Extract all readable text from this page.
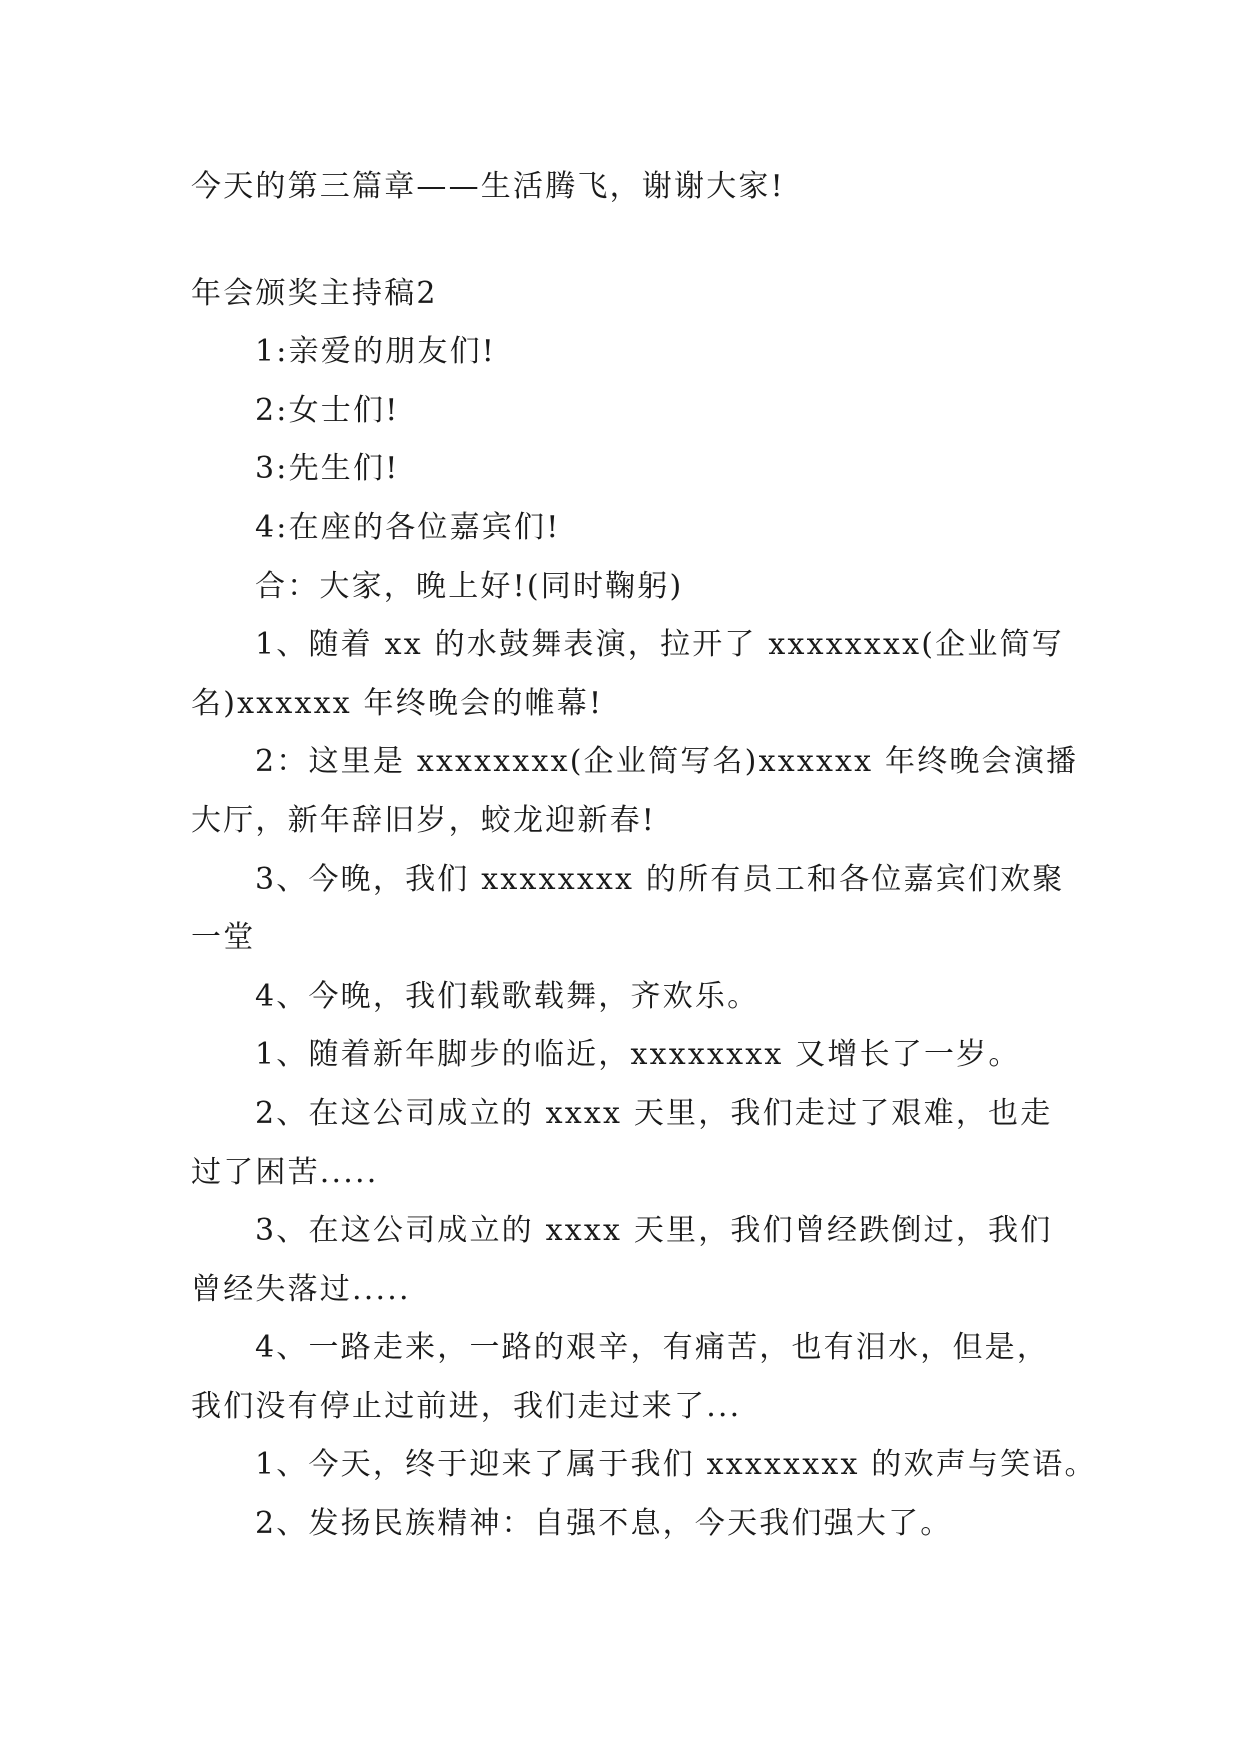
今天的第三篇章——生活腾飞，谢谢大家!

年会颁奖主持稿2

1:亲爱的朋友们!

2:女士们!

3:先生们!

4:在座的各位嘉宾们!

合：大家，晚上好!(同时鞠躬)

1、随着 xx 的水鼓舞表演，拉开了 xxxxxxxx(企业简写

名)xxxxxx 年终晚会的帷幕!

2：这里是 xxxxxxxx(企业简写名)xxxxxx 年终晚会演播

大厅，新年辞旧岁，蛟龙迎新春!

3、今晚，我们 xxxxxxxx 的所有员工和各位嘉宾们欢聚

一堂

4、今晚，我们载歌载舞，齐欢乐。

1、随着新年脚步的临近，xxxxxxxx 又增长了一岁。

2、在这公司成立的 xxxx 天里，我们走过了艰难，也走

过了困苦.....

3、在这公司成立的 xxxx 天里，我们曾经跌倒过，我们

曾经失落过.....

4、一路走来，一路的艰辛，有痛苦，也有泪水，但是，

我们没有停止过前进，我们走过来了...

1、今天，终于迎来了属于我们 xxxxxxxx 的欢声与笑语。

2、发扬民族精神：自强不息，今天我们强大了。
